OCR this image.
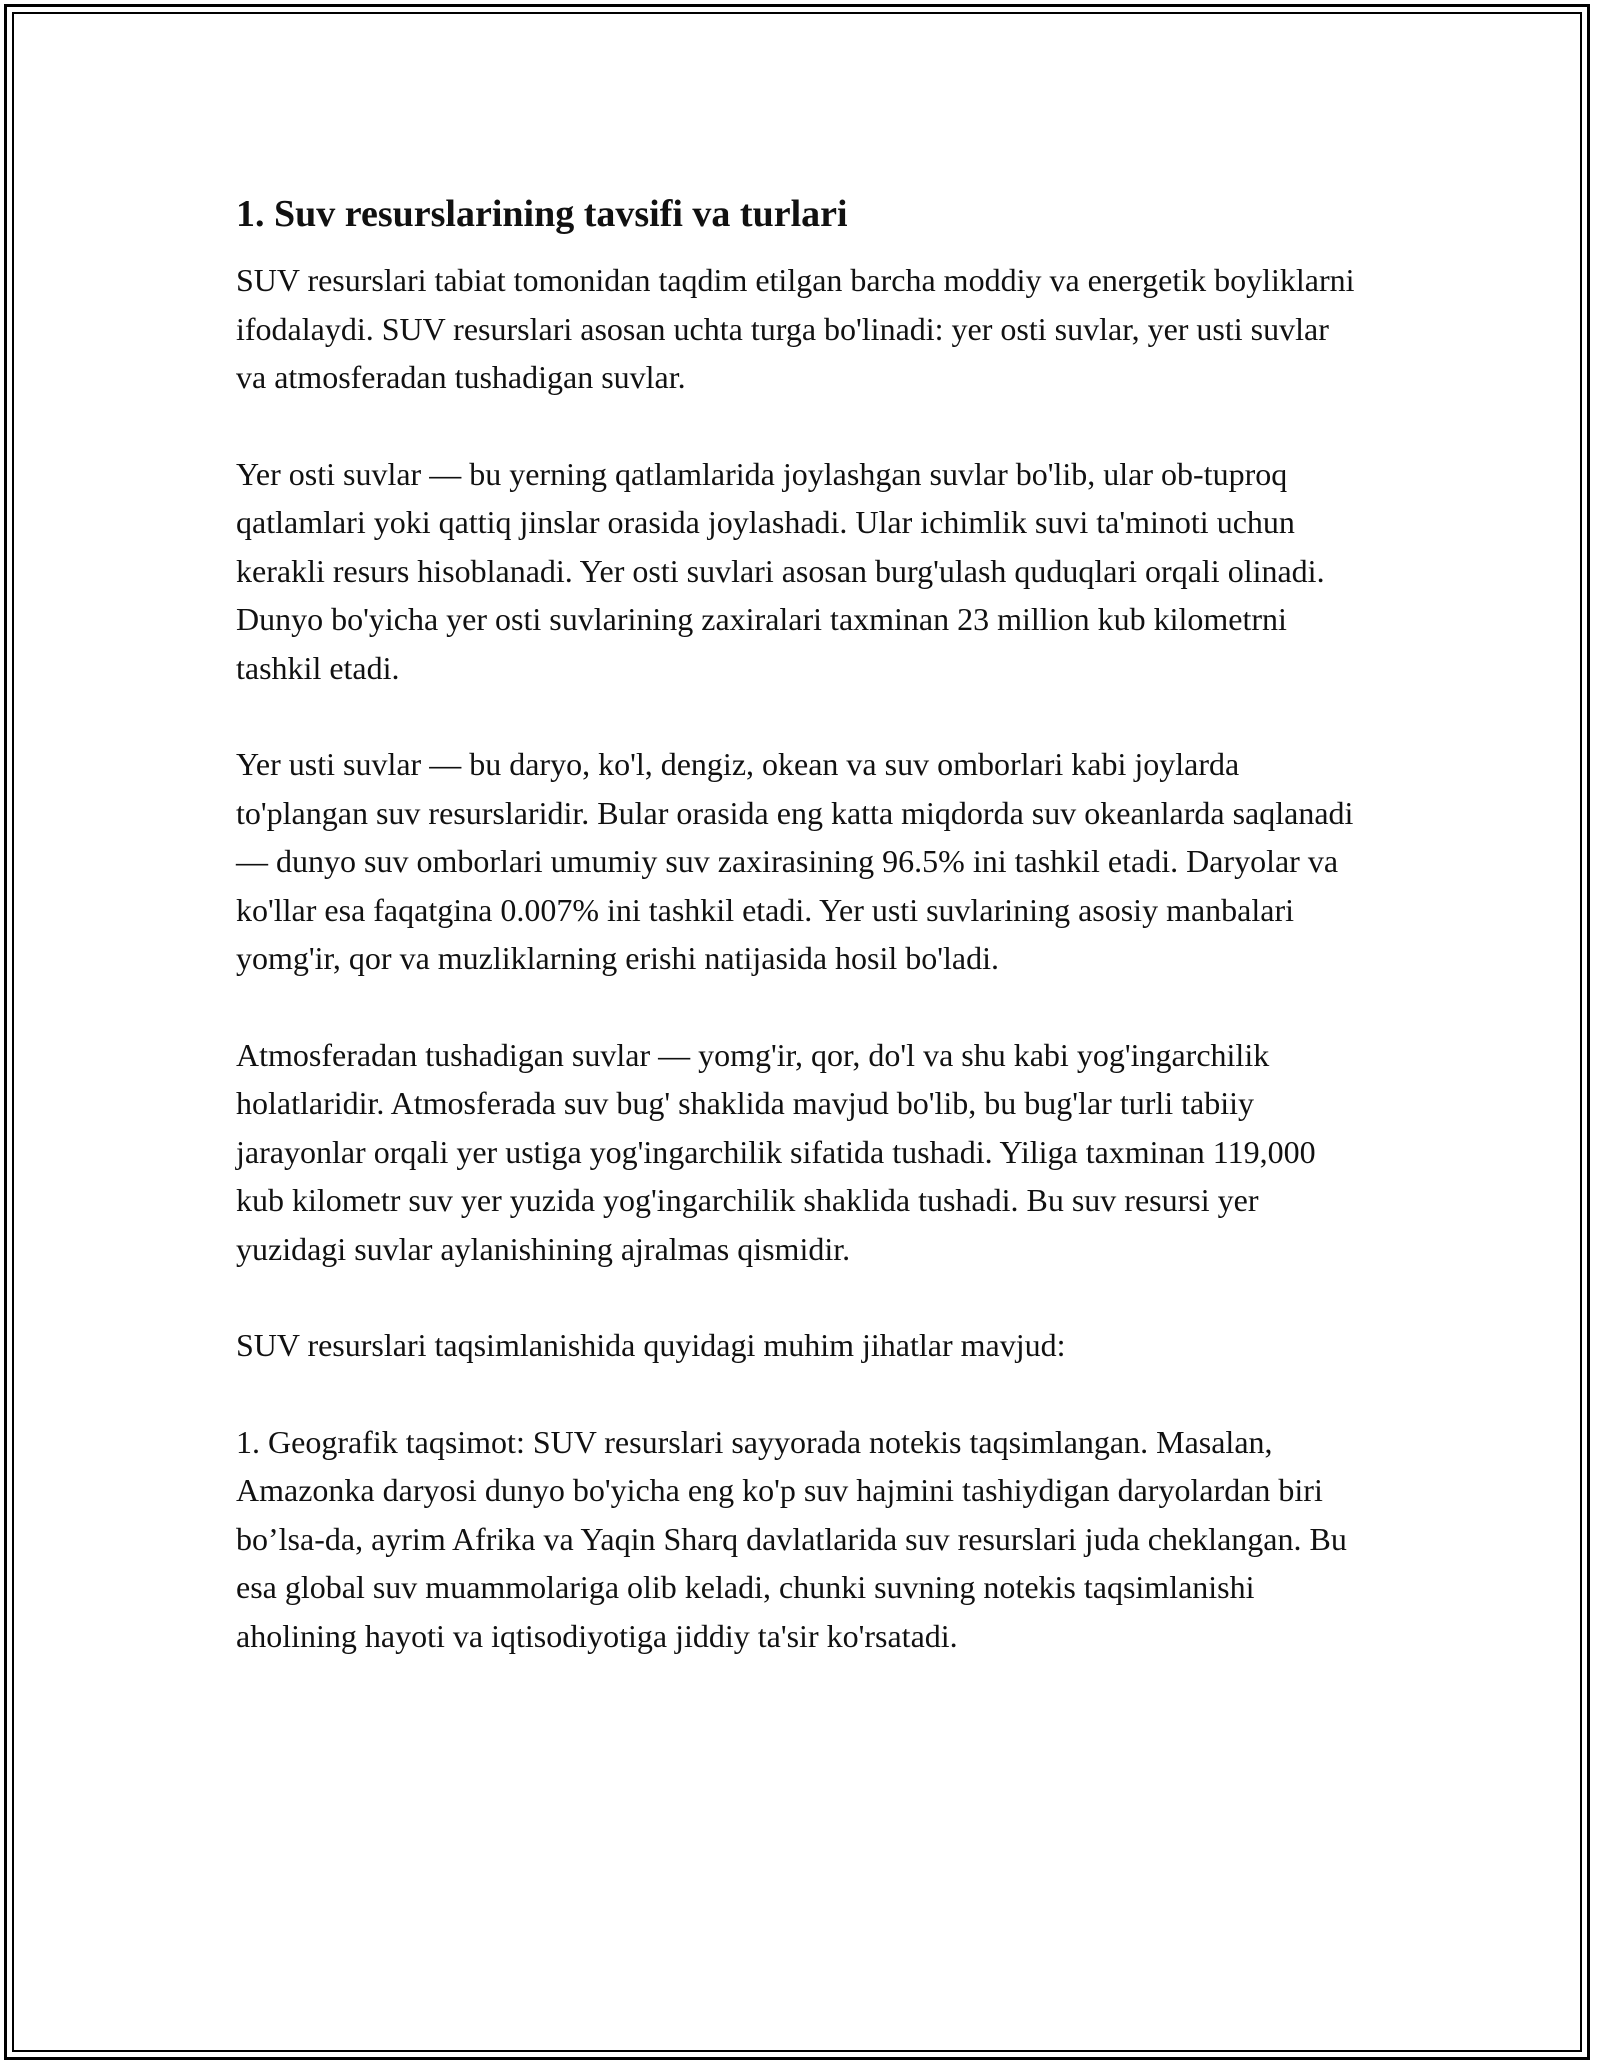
1. Suv resurslarining tavsifi va turlari

SUV resurslari tabiat tomonidan taqdim etilgan barcha moddiy va energetik boyliklarni ifodalaydi. SUV resurslari asosan uchta turga bo'linadi: yer osti suvlar, yer usti suvlar va atmosferadan tushadigan suvlar.

Yer osti suvlar — bu yerning qatlamlarida joylashgan suvlar bo'lib, ular ob-tuproq qatlamlari yoki qattiq jinslar orasida joylashadi. Ular ichimlik suvi ta'minoti uchun kerakli resurs hisoblanadi. Yer osti suvlari asosan burg'ulash quduqlari orqali olinadi. Dunyo bo'yicha yer osti suvlarining zaxiralari taxminan 23 million kub kilometrni tashkil etadi.

Yer usti suvlar — bu daryo, ko'l, dengiz, okean va suv omborlari kabi joylarda to'plangan suv resurslaridir. Bular orasida eng katta miqdorda suv okeanlarda saqlanadi — dunyo suv omborlari umumiy suv zaxirasining 96.5% ini tashkil etadi. Daryolar va ko'llar esa faqatgina 0.007% ini tashkil etadi. Yer usti suvlarining asosiy manbalari yomg'ir, qor va muzliklarning erishi natijasida hosil bo'ladi.

Atmosferadan tushadigan suvlar — yomg'ir, qor, do'l va shu kabi yog'ingarchilik holatlaridir. Atmosferada suv bug' shaklida mavjud bo'lib, bu bug'lar turli tabiiy jarayonlar orqali yer ustiga yog'ingarchilik sifatida tushadi. Yiliga taxminan 119,000 kub kilometr suv yer yuzida yog'ingarchilik shaklida tushadi. Bu suv resursi yer yuzidagi suvlar aylanishining ajralmas qismidir.

SUV resurslari taqsimlanishida quyidagi muhim jihatlar mavjud:

1. Geografik taqsimot: SUV resurslari sayyorada notekis taqsimlangan. Masalan, Amazonka daryosi dunyo bo'yicha eng ko'p suv hajmini tashiydigan daryolardan biri bo’lsa-da, ayrim Afrika va Yaqin Sharq davlatlarida suv resurslari juda cheklangan. Bu esa global suv muammolariga olib keladi, chunki suvning notekis taqsimlanishi aholining hayoti va iqtisodiyotiga jiddiy ta'sir ko'rsatadi.
